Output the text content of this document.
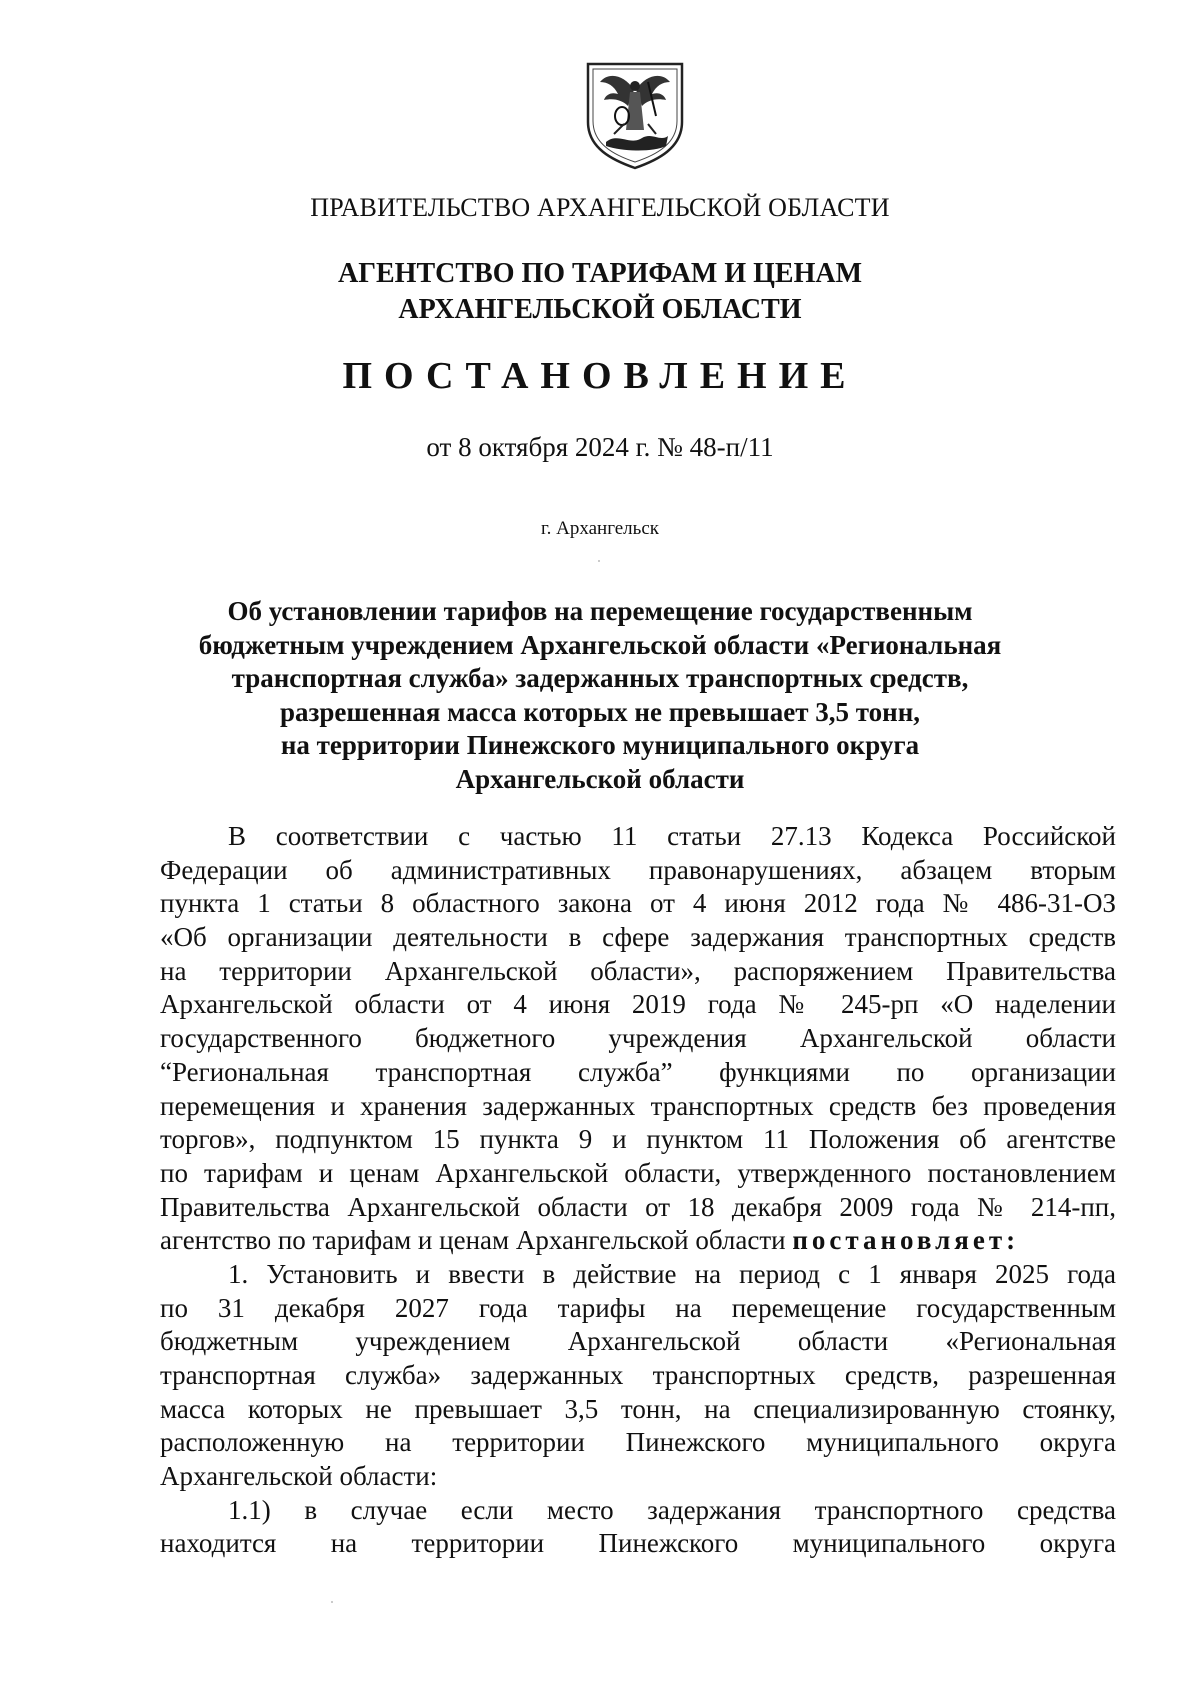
ПРАВИТЕЛЬСТВО АРХАНГЕЛЬСКОЙ ОБЛАСТИ
АГЕНТСТВО ПО ТАРИФАМ И ЦЕНАМ
АРХАНГЕЛЬСКОЙ ОБЛАСТИ
ПОСТАНОВЛЕНИЕ
от 8 октября 2024 г. № 48-п/11
г. Архангельск
Об установлении тарифов на перемещение государственным
бюджетным учреждением Архангельской области «Региональная
транспортная служба» задержанных транспортных средств,
разрешенная масса которых не превышает 3,5 тонн,
на территории Пинежского муниципального округа
Архангельской области
В соответствии с частью 11 статьи 27.13 Кодекса Российской
Федерации об административных правонарушениях, абзацем вторым
пункта 1 статьи 8 областного закона от 4 июня 2012 года № 486-31-ОЗ
«Об организации деятельности в сфере задержания транспортных средств
на территории Архангельской области», распоряжением Правительства
Архангельской области от 4 июня 2019 года № 245-рп «О наделении
государственного бюджетного учреждения Архангельской области
“Региональная транспортная служба” функциями по организации
перемещения и хранения задержанных транспортных средств без проведения
торгов», подпунктом 15 пункта 9 и пунктом 11 Положения об агентстве
по тарифам и ценам Архангельской области, утвержденного постановлением
Правительства Архангельской области от 18 декабря 2009 года № 214-пп,
агентство по тарифам и ценам Архангельской области постановляет:
1. Установить и ввести в действие на период с 1 января 2025 года
по 31 декабря 2027 года тарифы на перемещение государственным
бюджетным учреждением Архангельской области «Региональная
транспортная служба» задержанных транспортных средств, разрешенная
масса которых не превышает 3,5 тонн, на специализированную стоянку,
расположенную на территории Пинежского муниципального округа
Архангельской области:
1.1) в случае если место задержания транспортного средства
находится на территории Пинежского муниципального округа
